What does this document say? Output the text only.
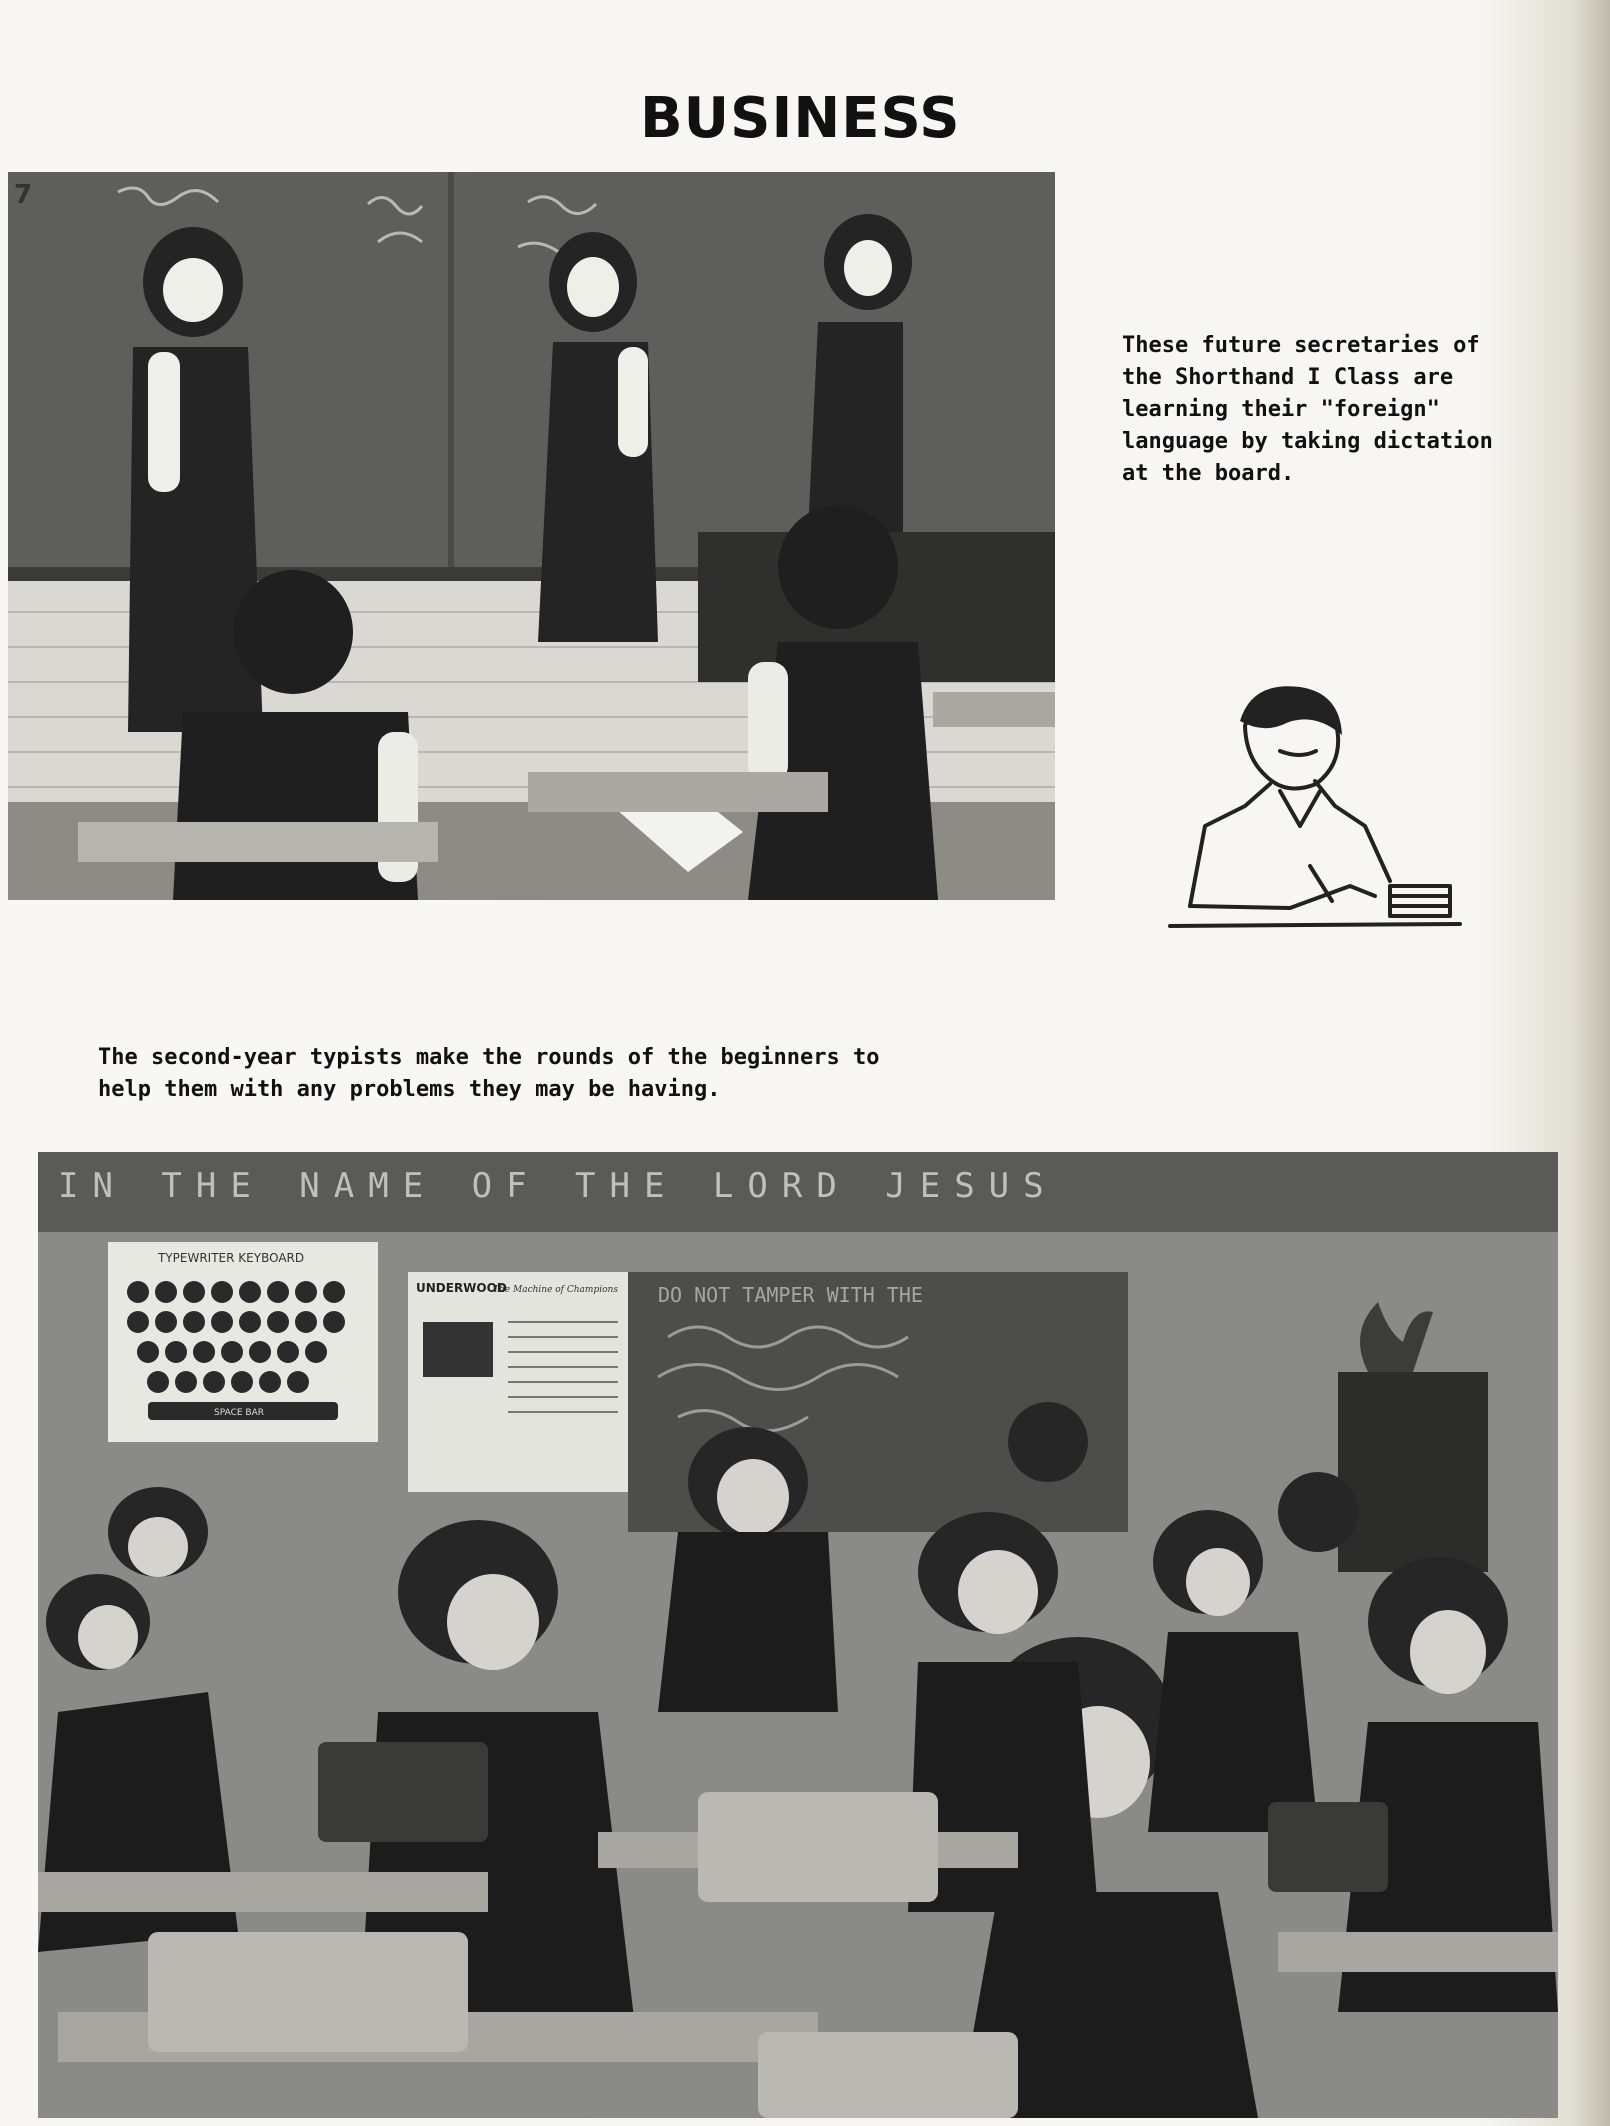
BUSINESS
7
These future secretaries of the Shorthand I Class are learning their "foreign" language by taking dictation at the board.
The second-year typists make the rounds of the beginners to help them with any problems they may be having.
IN THE NAME OF THE LORD JESUS
TYPEWRITER KEYBOARD
SPACE BAR
UNDERWOOD
The Machine of Champions DO NOT TAMPER WITH THE
